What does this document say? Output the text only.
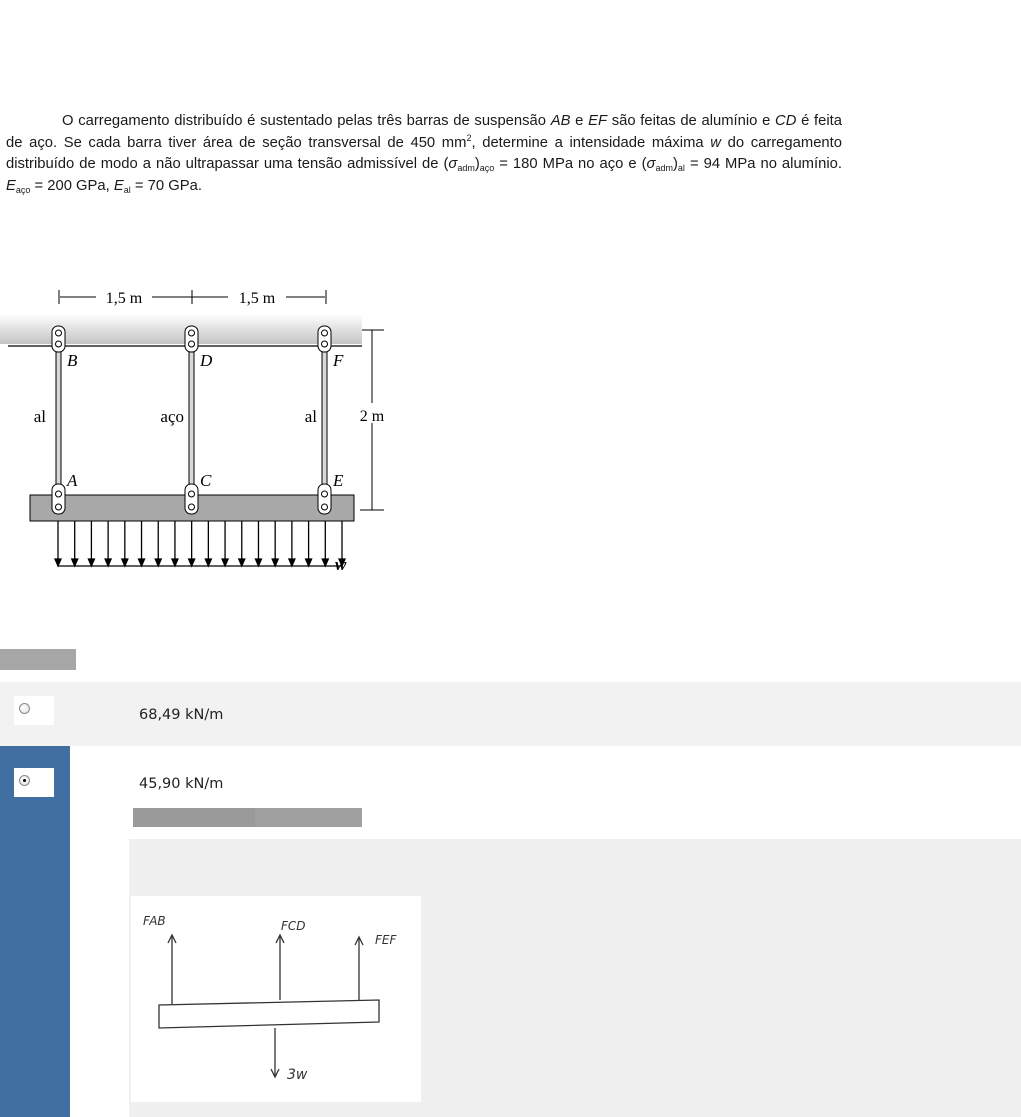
O carregamento distribuído é sustentado pelas três barras de suspensão AB e EF são feitas de alumínio e CD é feita de aço. Se cada barra tiver área de seção transversal de 450 $mm^2$, determine a intensidade máxima w do carregamento distribuído de modo a não ultrapassar uma tensão admissível de $(\sigma_{adm})_{aço} = 180$ MPa no aço e $(\sigma_{adm})_{al} = 94$ MPa no alumínio. $E_{aço} = 200$ GPa, $E_{al} = 70$ GPa.

1,5 m	1,5 m
2 m
B	D	F
A	C	E
al	aço	al
w
68,49 kN/m
45,90 kN/m
FAB	FCD
FEF
3w
